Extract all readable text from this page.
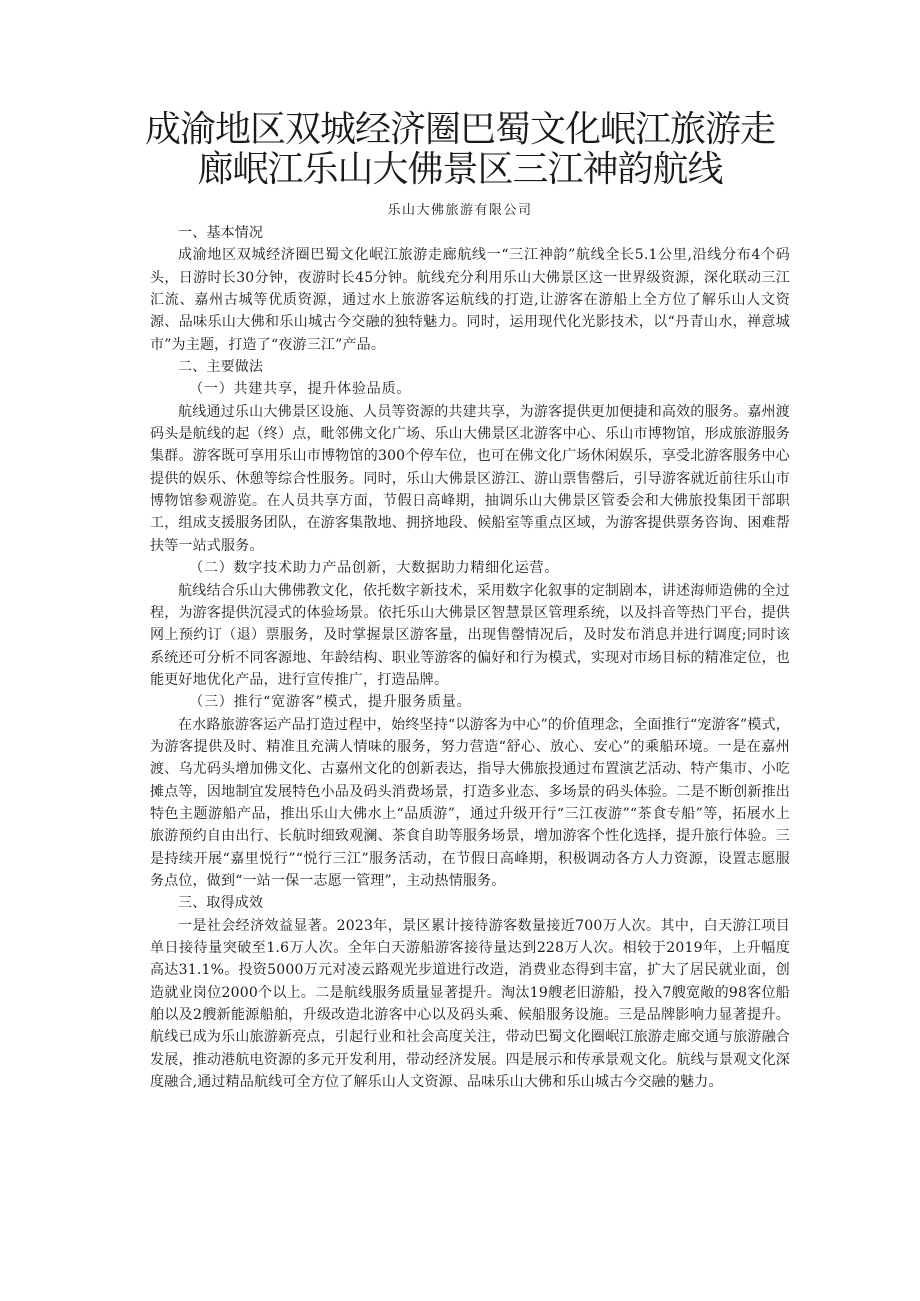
成渝地区双城经济圈巴蜀文化岷江旅游走
廊岷江乐山大佛景区三江神韵航线
乐山大佛旅游有限公司

一、基本情况

成渝地区双城经济圈巴蜀文化岷江旅游走廊航线一“三江神韵”航线全长5.1公里,沿线分布4个码头，日游时长30分钟，夜游时长45分钟。航线充分利用乐山大佛景区这一世界级资源，深化联动三江汇流、嘉州古城等优质资源，通过水上旅游客运航线的打造,让游客在游船上全方位了解乐山人文资源、品味乐山大佛和乐山城古今交融的独特魅力。同时，运用现代化光影技术，以“丹青山水，禅意城市”为主题，打造了“夜游三江”产品。

二、主要做法

（一）共建共享，提升体验品质。

航线通过乐山大佛景区设施、人员等资源的共建共享，为游客提供更加便捷和高效的服务。嘉州渡码头是航线的起（终）点，毗邻佛文化广场、乐山大佛景区北游客中心、乐山市博物馆，形成旅游服务集群。游客既可享用乐山市博物馆的300个停车位，也可在佛文化广场休闲娱乐，享受北游客服务中心提供的娱乐、休憩等综合性服务。同时，乐山大佛景区游江、游山票售罄后，引导游客就近前往乐山市博物馆参观游览。在人员共享方面，节假日高峰期，抽调乐山大佛景区管委会和大佛旅投集团干部职工，组成支援服务团队，在游客集散地、拥挤地段、候船室等重点区域，为游客提供票务咨询、困难帮扶等一站式服务。

（二）数字技术助力产品创新，大数据助力精细化运营。

航线结合乐山大佛佛教文化，依托数字新技术，采用数字化叙事的定制剧本，讲述海师造佛的全过程，为游客提供沉浸式的体验场景。依托乐山大佛景区智慧景区管理系统，以及抖音等热门平台，提供网上预约订（退）票服务，及时掌握景区游客量，出现售罄情况后，及时发布消息并进行调度;同时该系统还可分析不同客源地、年龄结构、职业等游客的偏好和行为模式，实现对市场目标的精准定位，也能更好地优化产品，进行宣传推广，打造品牌。

（三）推行“宽游客”模式，提升服务质量。

在水路旅游客运产品打造过程中，始终坚持“以游客为中心”的价值理念，全面推行“宠游客”模式，为游客提供及时、精准且充满人情味的服务，努力营造“舒心、放心、安心”的乘船环境。一是在嘉州渡、乌尤码头增加佛文化、古嘉州文化的创新表达，指导大佛旅投通过布置演艺活动、特产集市、小吃摊点等，因地制宜发展特色小品及码头消费场景，打造多业态、多场景的码头体验。二是不断创新推出特色主题游船产品，推出乐山大佛水上“品质游”，通过升级开行“三江夜游”“茶食专船”等，拓展水上旅游预约自由出行、长航时细致观澜、茶食自助等服务场景，增加游客个性化选择，提升旅行体验。三是持续开展“嘉里悦行”“悦行三江”服务活动，在节假日高峰期，积极调动各方人力资源，设置志愿服务点位，做到“一站一保一志愿一管理”，主动热情服务。

三、取得成效

一是社会经济效益显著。2023年，景区累计接待游客数量接近700万人次。其中，白天游江项目单日接待量突破至1.6万人次。全年白天游船游客接待量达到228万人次。相较于2019年，上升幅度高达31.1%。投资5000万元对凌云路观光步道进行改造，消费业态得到丰富，扩大了居民就业面，创造就业岗位2000个以上。二是航线服务质量显著提升。淘汰19艘老旧游船，投入7艘宽敞的98客位船舶以及2艘新能源船舶，升级改造北游客中心以及码头乘、候船服务设施。三是品牌影响力显著提升。航线已成为乐山旅游新亮点，引起行业和社会高度关注，带动巴蜀文化圈岷江旅游走廊交通与旅游融合发展，推动港航电资源的多元开发利用，带动经济发展。四是展示和传承景观文化。航线与景观文化深度融合,通过精品航线可全方位了解乐山人文资源、品味乐山大佛和乐山城古今交融的魅力。
